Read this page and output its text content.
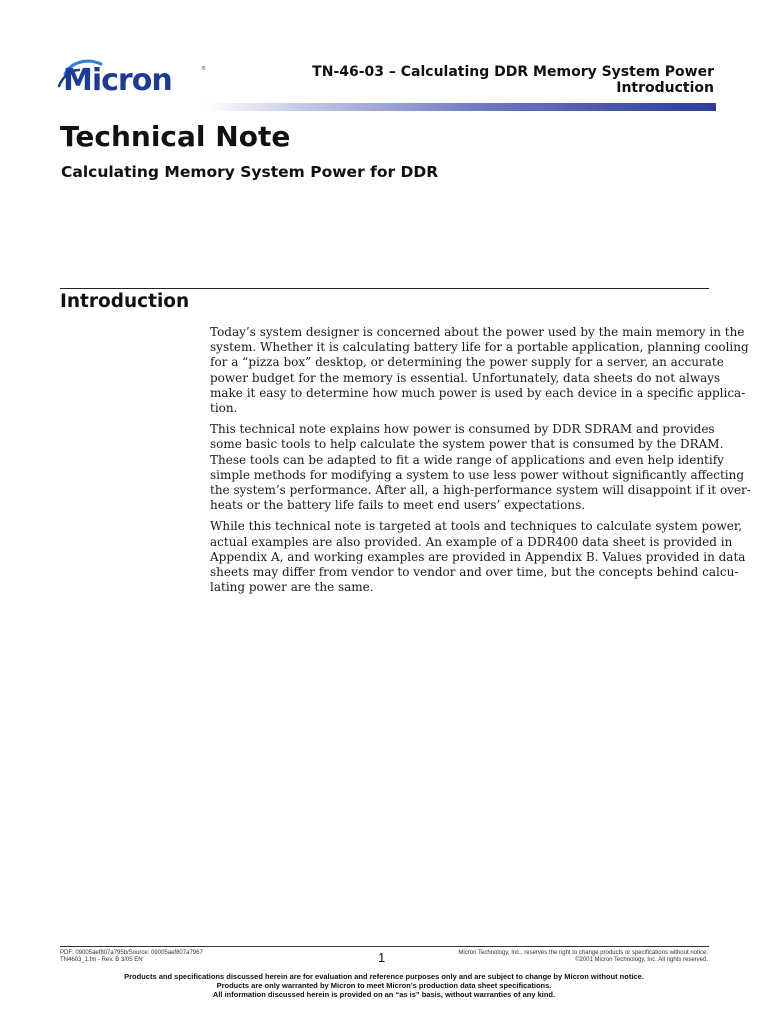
Micron	®	TN-46-03 – Calculating DDR Memory System Power
Introduction
Technical Note
Calculating Memory System Power for DDR
Introduction

Today’s system designer is concerned about the power used by the main memory in the
system. Whether it is calculating battery life for a portable application, planning cooling
for a “pizza box” desktop, or determining the power supply for a server, an accurate
power budget for the memory is essential. Unfortunately, data sheets do not always
make it easy to determine how much power is used by each device in a specific applica-
tion.

This technical note explains how power is consumed by DDR SDRAM and provides
some basic tools to help calculate the system power that is consumed by the DRAM.
These tools can be adapted to fit a wide range of applications and even help identify
simple methods for modifying a system to use less power without significantly affecting
the system’s performance. After all, a high-performance system will disappoint if it over-
heats or the battery life fails to meet end users’ expectations.

While this technical note is targeted at tools and techniques to calculate system power,
actual examples are also provided. An example of a DDR400 data sheet is provided in
Appendix A, and working examples are provided in Appendix B. Values provided in data
sheets may differ from vendor to vendor and over time, but the concepts behind calcu-
lating power are the same.

PDF: 09005aef807a795b/Source: 09005aef807a7967
TN4603_1.fm - Rev. B 3/05 EN	1	Micron Technology, Inc., reserves the right to change products or specifications without notice.
©2001 Micron Technology, Inc. All rights reserved.
Products and specifications discussed herein are for evaluation and reference purposes only and are subject to change by Micron without notice.
Products are only warranted by Micron to meet Micron’s production data sheet specifications.
All information discussed herein is provided on an “as is” basis, without warranties of any kind.
